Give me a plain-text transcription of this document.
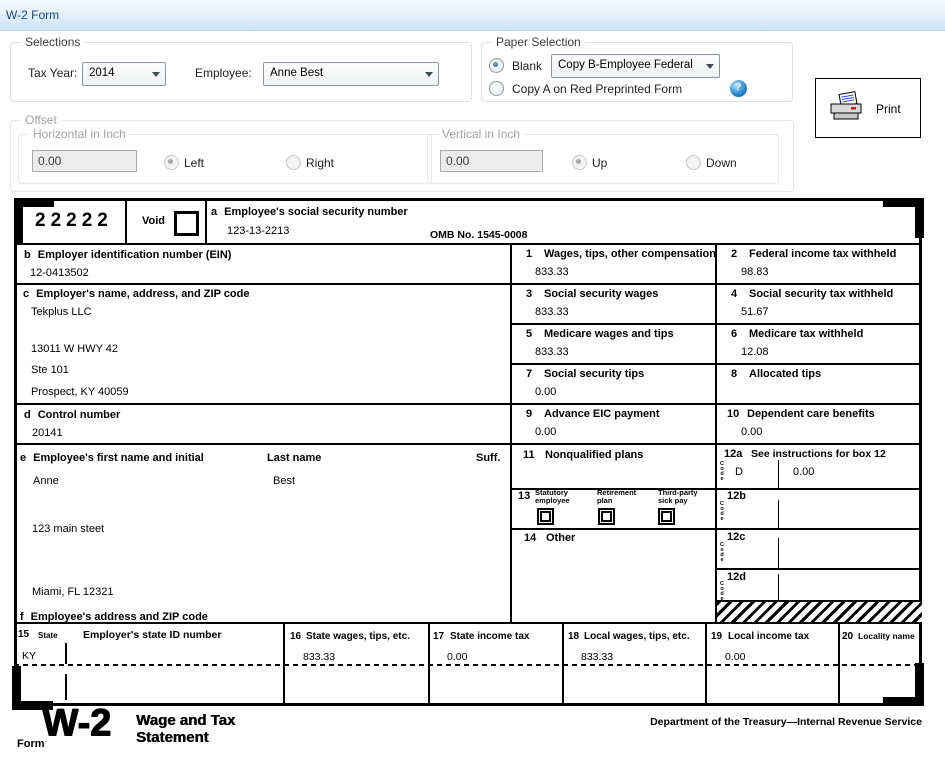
W-2 Form
Selections
Tax Year: 2014	Employee: Anne Best
Paper Selection
Blank Copy B-Employee Federal
Copy A on Red Preprinted Form
?
Print
Offset
Horizontal in Inch
0.00
Left	Right
Vertical in Inch
0.00
Up	Down
22222	Void
a Employee's social security number
123-13-2213	OMB No. 1545-0008
b Employer identification number (EIN)
12-0413502
1 Wages, tips, other compensation
833.33
2 Federal income tax withheld
98.83
c Employer's name, address, and ZIP code
Tekplus LLC
13011 W HWY 42
Ste 101
Prospect, KY 40059
3 Social security wages
833.33
4 Social security tax withheld
51.67
5 Medicare wages and tips
833.33
6 Medicare tax withheld
12.08
7 Social security tips
0.00
8 Allocated tips
d Control number
20141
9 Advance EIC payment
0.00
10 Dependent care benefits
0.00
e Employee's first name and initial	Last name	Suff.
Anne	Best
123 main steet
Miami, FL 12321
f Employee's address and ZIP code
11 Nonqualified plans	12a See instructions for box 12
Code D	0.00
13 Statutory employee
Retirement plan
Third-party sick pay	12b
Code
14 Other	12c
Code
12d
Code
15 State Employer's state ID number
KY
16 State wages, tips, etc.
833.33
17 State income tax
0.00
18 Local wages, tips, etc.
833.33
19 Local income tax
0.00
20 Locality name
Form
W-2 Wage and Tax Statement
Department of the Treasury—Internal Revenue Service
